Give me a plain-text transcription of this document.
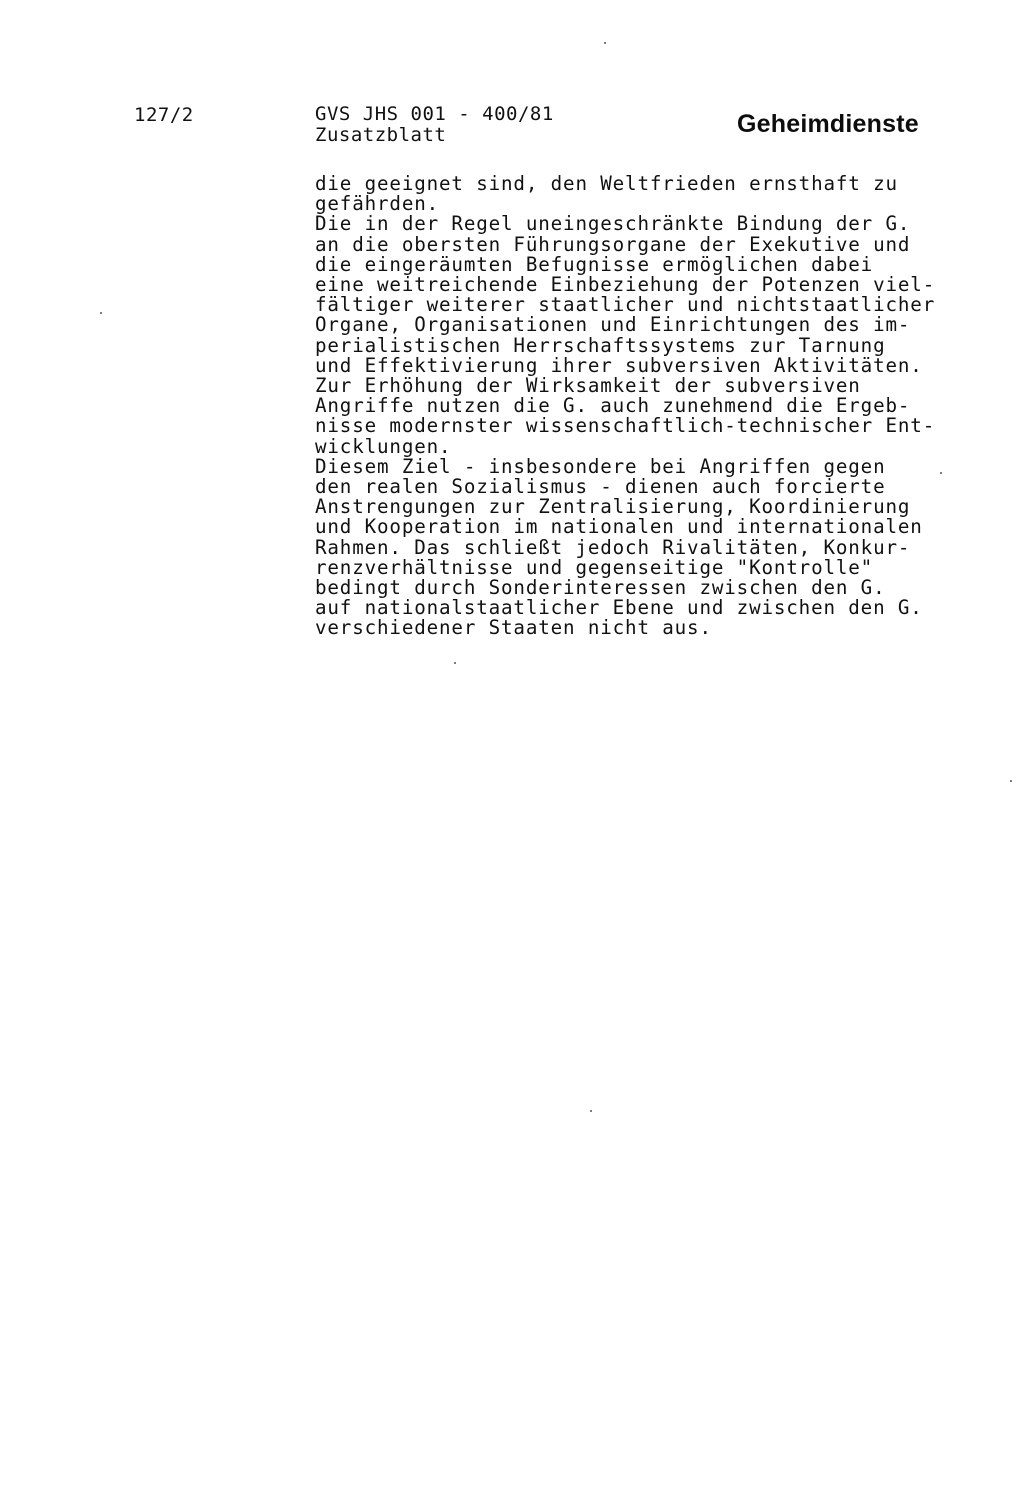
127/2	GVS JHS 001 - 400/81
Zusatzblatt	Geheimdienste
die geeignet sind, den Weltfrieden ernsthaft zu
gefährden.
Die in der Regel uneingeschränkte Bindung der G.
an die obersten Führungsorgane der Exekutive und
die eingeräumten Befugnisse ermöglichen dabei
eine weitreichende Einbeziehung der Potenzen viel-
fältiger weiterer staatlicher und nichtstaatlicher
Organe, Organisationen und Einrichtungen des im-
perialistischen Herrschaftssystems zur Tarnung
und Effektivierung ihrer subversiven Aktivitäten.
Zur Erhöhung der Wirksamkeit der subversiven
Angriffe nutzen die G. auch zunehmend die Ergeb-
nisse modernster wissenschaftlich-technischer Ent-
wicklungen.
Diesem Ziel - insbesondere bei Angriffen gegen
den realen Sozialismus - dienen auch forcierte
Anstrengungen zur Zentralisierung, Koordinierung
und Kooperation im nationalen und internationalen
Rahmen. Das schließt jedoch Rivalitäten, Konkur-
renzverhältnisse und gegenseitige "Kontrolle"
bedingt durch Sonderinteressen zwischen den G.
auf nationalstaatlicher Ebene und zwischen den G.
verschiedener Staaten nicht aus.
